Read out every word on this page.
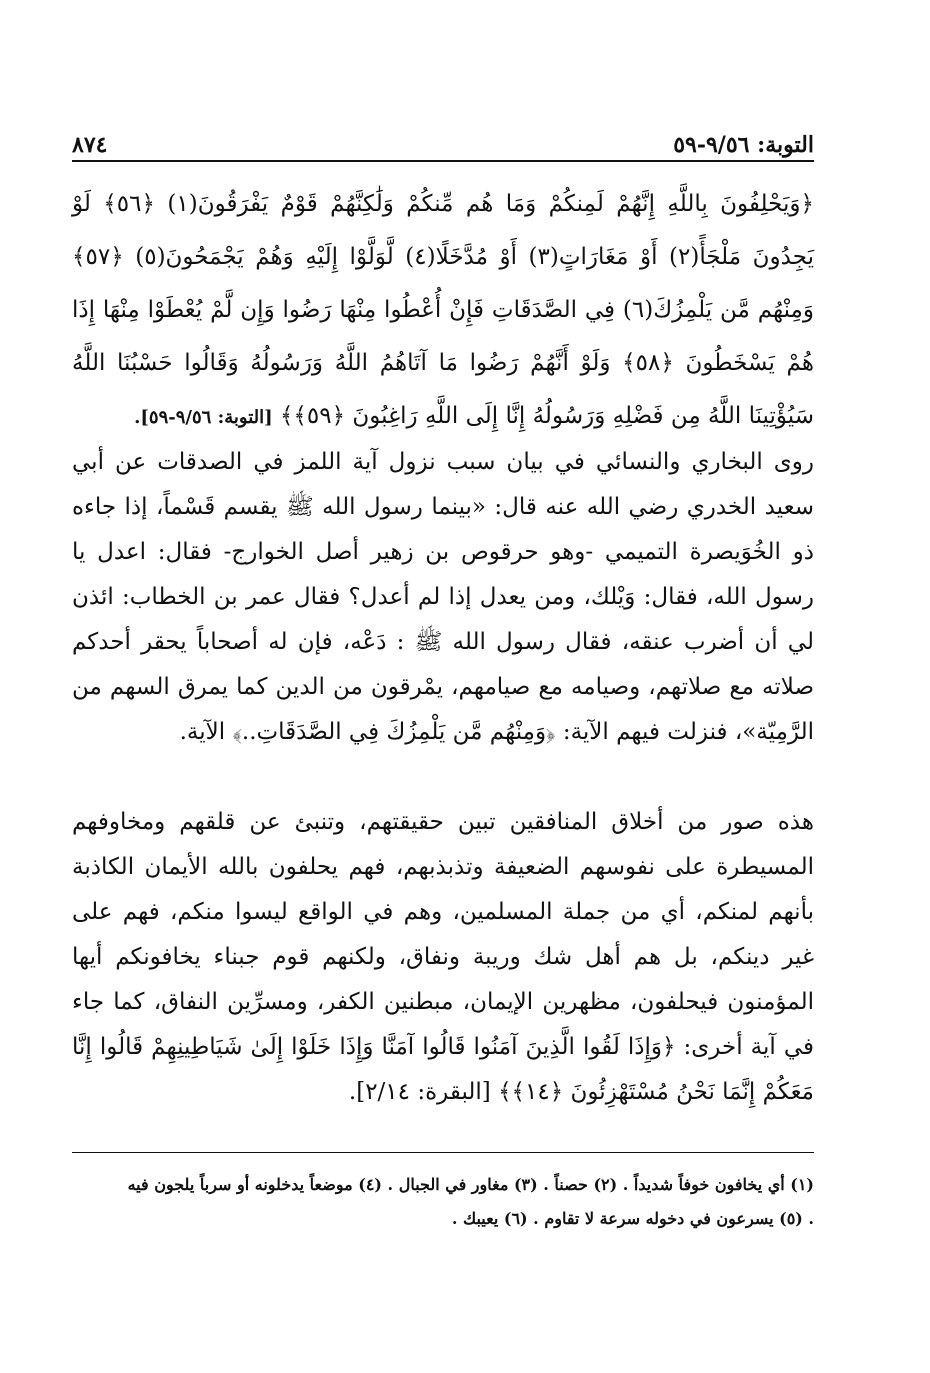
التوبة: ٩/٥٦-٥٩
٨٧٤
﴿وَيَحْلِفُونَ بِاللَّهِ إِنَّهُمْ لَمِنكُمْ وَمَا هُم مِّنكُمْ وَلَٰكِنَّهُمْ قَوْمٌ يَفْرَقُونَ(١) ﴿٥٦﴾ لَوْ يَجِدُونَ مَلْجَأً(٢) أَوْ مَغَارَاتٍ(٣) أَوْ مُدَّخَلًا(٤) لَّوَلَّوْا إِلَيْهِ وَهُمْ يَجْمَحُونَ(٥) ﴿٥٧﴾ وَمِنْهُم مَّن يَلْمِزُكَ(٦) فِي الصَّدَقَاتِ فَإِنْ أُعْطُوا مِنْهَا رَضُوا وَإِن لَّمْ يُعْطَوْا مِنْهَا إِذَا هُمْ يَسْخَطُونَ ﴿٥٨﴾ وَلَوْ أَنَّهُمْ رَضُوا مَا آتَاهُمُ اللَّهُ وَرَسُولُهُ وَقَالُوا حَسْبُنَا اللَّهُ سَيُؤْتِينَا اللَّهُ مِن فَضْلِهِ وَرَسُولُهُ إِنَّا إِلَى اللَّهِ رَاغِبُونَ ﴿٥٩﴾﴾ [التوبة: ٩/٥٦-٥٩].
روى البخاري والنسائي في بيان سبب نزول آية اللمز في الصدقات عن أبي سعيد الخدري رضي الله عنه قال: «بينما رسول الله ﷺ يقسم قَسْماً، إذا جاءه ذو الخُوَيصرة التميمي -وهو حرقوص بن زهير أصل الخوارج- فقال: اعدل يا رسول الله، فقال: وَيْلك، ومن يعدل إذا لم أعدل؟ فقال عمر بن الخطاب: ائذن لي أن أضرب عنقه، فقال رسول الله ﷺ : دَعْه، فإن له أصحاباً يحقر أحدكم صلاته مع صلاتهم، وصيامه مع صيامهم، يمْرقون من الدين كما يمرق السهم من الرَّمِيّة»، فنزلت فيهم الآية: ﴿وَمِنْهُم مَّن يَلْمِزُكَ فِي الصَّدَقَاتِ..﴾ الآية.
هذه صور من أخلاق المنافقين تبين حقيقتهم، وتنبئ عن قلقهم ومخاوفهم المسيطرة على نفوسهم الضعيفة وتذبذبهم، فهم يحلفون بالله الأيمان الكاذبة بأنهم لمنكم، أي من جملة المسلمين، وهم في الواقع ليسوا منكم، فهم على غير دينكم، بل هم أهل شك وريبة ونفاق، ولكنهم قوم جبناء يخافونكم أيها المؤمنون فيحلفون، مظهرين الإيمان، مبطنين الكفر، ومسرِّين النفاق، كما جاء في آية أخرى: ﴿وَإِذَا لَقُوا الَّذِينَ آمَنُوا قَالُوا آمَنَّا وَإِذَا خَلَوْا إِلَىٰ شَيَاطِينِهِمْ قَالُوا إِنَّا مَعَكُمْ إِنَّمَا نَحْنُ مُسْتَهْزِئُونَ ﴿١٤﴾﴾ [البقرة: ٢/١٤].
(١) أي يخافون خوفاً شديداً . (٢) حصناً . (٣) مغاور في الجبال . (٤) موضعاً يدخلونه أو سرباً يلجون فيه
. (٥) يسرعون في دخوله سرعة لا تقاوم . (٦) يعيبك .
